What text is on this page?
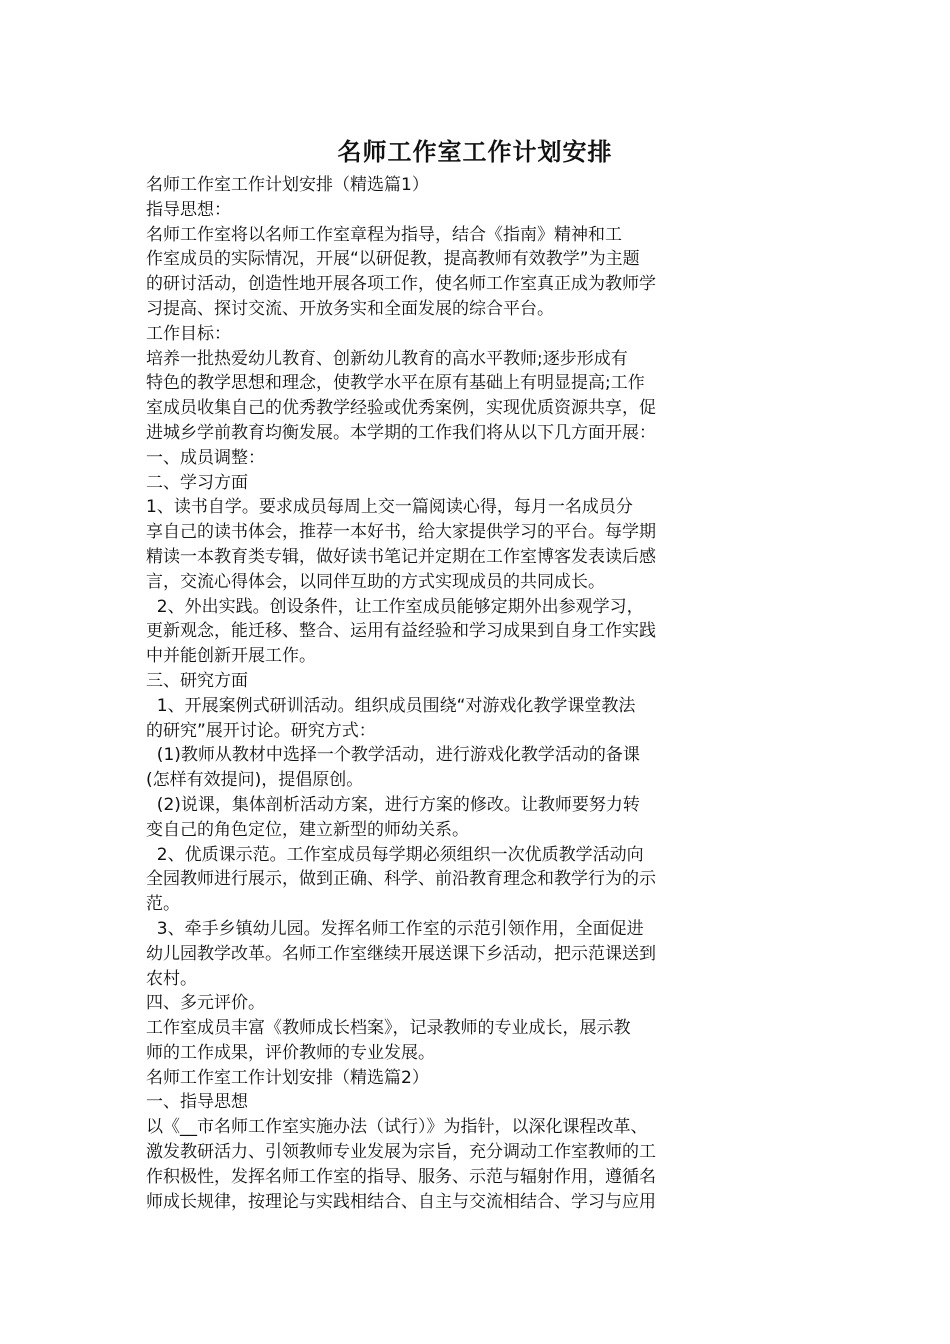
名师工作室工作计划安排
名师工作室工作计划安排（精选篇1）
指导思想：
名师工作室将以名师工作室章程为指导，结合《指南》精神和工
作室成员的实际情况，开展“以研促教，提高教师有效教学”为主题
的研讨活动，创造性地开展各项工作，使名师工作室真正成为教师学
习提高、探讨交流、开放务实和全面发展的综合平台。
工作目标：
培养一批热爱幼儿教育、创新幼儿教育的高水平教师;逐步形成有
特色的教学思想和理念，使教学水平在原有基础上有明显提高;工作
室成员收集自己的优秀教学经验或优秀案例，实现优质资源共享，促
进城乡学前教育均衡发展。本学期的工作我们将从以下几方面开展：
一、成员调整：
二、学习方面
1、读书自学。要求成员每周上交一篇阅读心得，每月一名成员分
享自己的读书体会，推荐一本好书，给大家提供学习的平台。每学期
精读一本教育类专辑，做好读书笔记并定期在工作室博客发表读后感
言，交流心得体会，以同伴互助的方式实现成员的共同成长。
2、外出实践。创设条件，让工作室成员能够定期外出参观学习，
更新观念，能迁移、整合、运用有益经验和学习成果到自身工作实践
中并能创新开展工作。
三、研究方面
1、开展案例式研训活动。组织成员围绕“对游戏化教学课堂教法
的研究”展开讨论。研究方式：
(1)教师从教材中选择一个教学活动，进行游戏化教学活动的备课
(怎样有效提问)，提倡原创。
(2)说课，集体剖析活动方案，进行方案的修改。让教师要努力转
变自己的角色定位，建立新型的师幼关系。
2、优质课示范。工作室成员每学期必须组织一次优质教学活动向
全园教师进行展示，做到正确、科学、前沿教育理念和教学行为的示
范。
3、牵手乡镇幼儿园。发挥名师工作室的示范引领作用，全面促进
幼儿园教学改革。名师工作室继续开展送课下乡活动，把示范课送到
农村。
四、多元评价。
工作室成员丰富《教师成长档案》，记录教师的专业成长，展示教
师的工作成果，评价教师的专业发展。
名师工作室工作计划安排（精选篇2）
一、指导思想
以《__市名师工作室实施办法（试行）》为指针，以深化课程改革、
激发教研活力、引领教师专业发展为宗旨，充分调动工作室教师的工
作积极性，发挥名师工作室的指导、服务、示范与辐射作用，遵循名
师成长规律，按理论与实践相结合、自主与交流相结合、学习与应用
